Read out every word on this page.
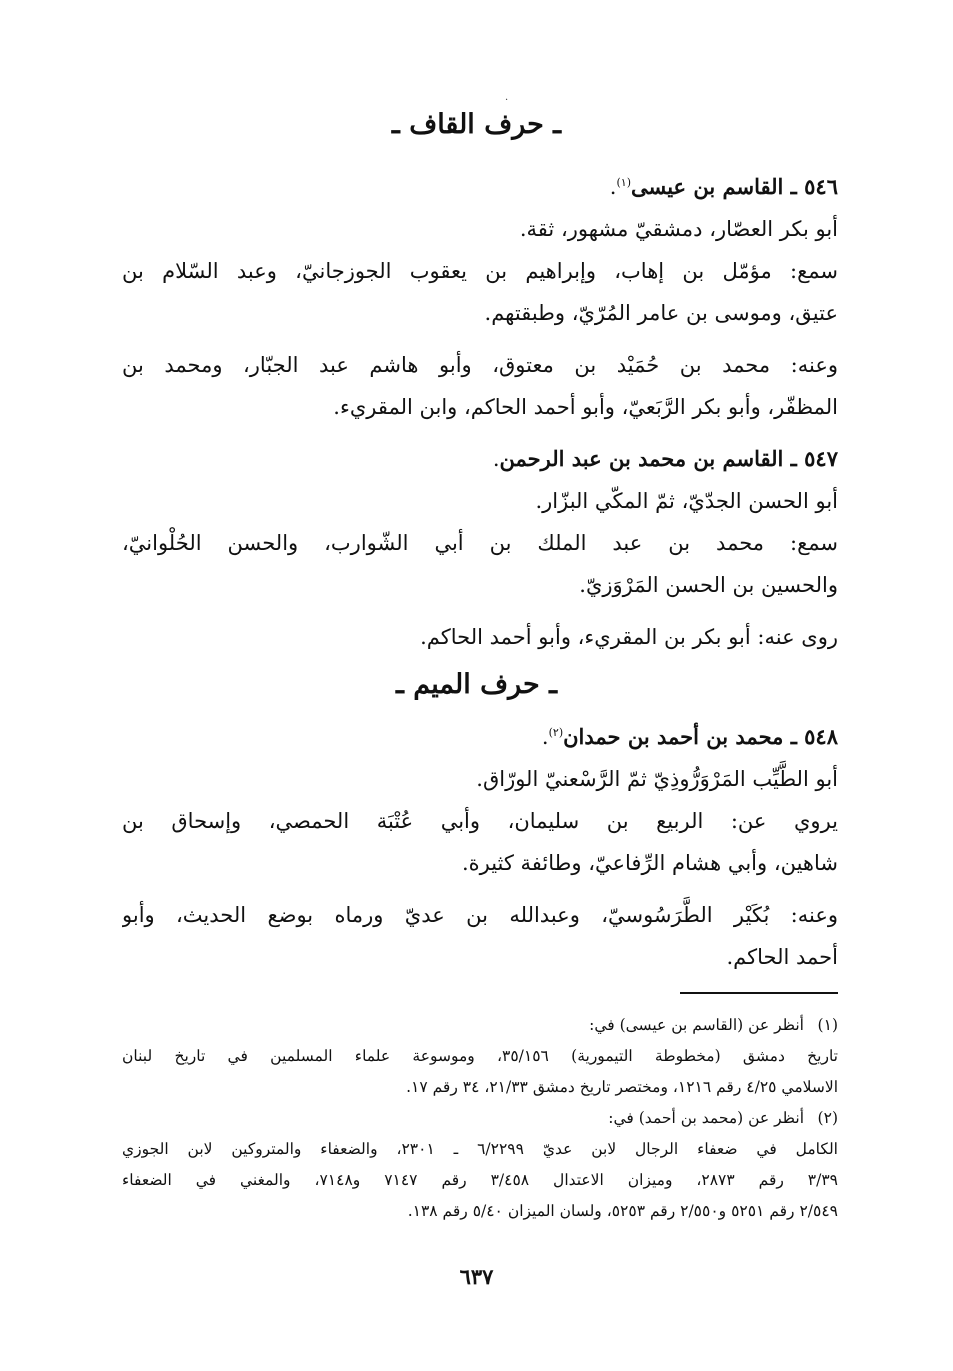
·
ـ حرف القاف ـ
٥٤٦ ـ القاسم بن عيسى$^{(١)}$.
أبو بكر العصّار، دمشقيّ مشهور، ثقة.
سمع: مؤمّل بن إهاب، وإبراهيم بن يعقوب الجوزجانيّ، وعبد السّلام بن
عتيق، وموسى بن عامر المُرّيّ، وطبقتهم.
وعنه: محمد بن حُمَيْد بن معتوق، وأبو هاشم عبد الجبّار، ومحمد بن
المظفّر، وأبو بكر الرَّبَعيّ، وأبو أحمد الحاكم، وابن المقريء.
٥٤٧ ـ القاسم بن محمد بن عبد الرحمن.
أبو الحسن الجدّيّ، ثمّ المكّي البزّار.
سمع: محمد بن عبد الملك بن أبي الشّوارب، والحسن الحُلْوانيّ،
والحسين بن الحسن المَرْوَزيّ.
روى عنه: أبو بكر بن المقريء، وأبو أحمد الحاكم.
ـ حرف الميم ـ
٥٤٨ ـ محمد بن أحمد بن حمدان$^{(٢)}$.
أبو الطَّيِّب المَرْوَرُّوذِيّ ثمّ الرَّسْعنيّ الورّاق.
يروي عن: الربيع بن سليمان، وأبي عُتْبَة الحمصي، وإسحاق بن
شاهين، وأبي هشام الرِّفاعيّ، وطائفة كثيرة.
وعنه: بُكَيْر الطَّرَسُوسيّ، وعبدالله بن عديّ ورماه بوضع الحديث، وأبو
أحمد الحاكم.
(١)أنظر عن (القاسم بن عيسى) في:
تاريخ دمشق (مخطوطة التيمورية) ٣٥/١٥٦، وموسوعة علماء المسلمين في تاريخ لبنان
الاسلامي ٤/٢٥ رقم ١٢١٦، ومختصر تاريخ دمشق ٢١/٣٣، ٣٤ رقم ١٧.
(٢)أنظر عن (محمد بن أحمد) في:
الكامل في ضعفاء الرجال لابن عديّ ٦/٢٢٩٩ ـ ٢٣٠١، والضعفاء والمتروكين لابن الجوزي
٣/٣٩ رقم ٢٨٧٣، وميزان الاعتدال ٣/٤٥٨ رقم ٧١٤٧ و٧١٤٨، والمغني في الضعفاء
٢/٥٤٩ رقم ٥٢٥١ و٢/٥٥٠ رقم ٥٢٥٣، ولسان الميزان ٥/٤٠ رقم ١٣٨.
٦٣٧
